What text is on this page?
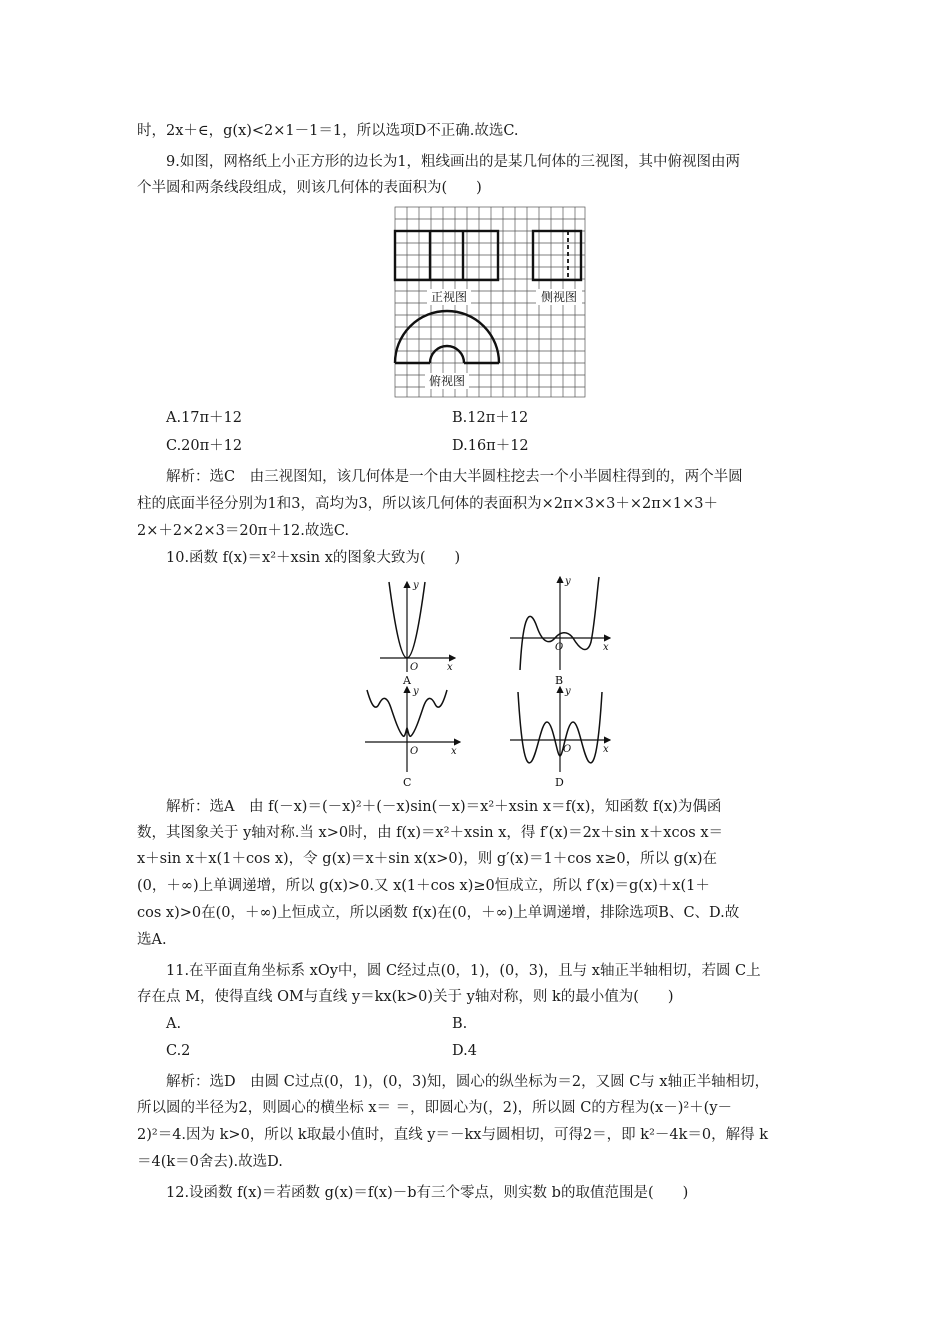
时，2x＋∈，g(x)<2×1－1＝1，所以选项D不正确.故选C.
9.如图，网格纸上小正方形的边长为1，粗线画出的是某几何体的三视图，其中俯视图由两
个半圆和两条线段组成，则该几何体的表面积为(　　)
正视图	侧视图
俯视图
A.17π＋12	B.12π＋12
C.20π＋12	D.16π＋12
解析：选C　由三视图知，该几何体是一个由大半圆柱挖去一个小半圆柱得到的，两个半圆
柱的底面半径分别为1和3，高均为3，所以该几何体的表面积为×2π×3×3＋×2π×1×3＋
2×＋2×2×3＝20π＋12.故选C.
10.函数 f(x)＝x²＋xsin x的图象大致为(　　)
y
x
O
A
y
x
O
B
y
x
O
C
y
x
O
D
解析：选A　由 f(－x)＝(－x)²＋(－x)sin(－x)＝x²＋xsin x＝f(x)，知函数 f(x)为偶函
数，其图象关于 y轴对称.当 x>0时，由 f(x)＝x²＋xsin x，得 f′(x)＝2x＋sin x＋xcos x＝
x＋sin x＋x(1＋cos x)，令 g(x)＝x＋sin x(x>0)，则 g′(x)＝1＋cos x≥0，所以 g(x)在
(0，＋∞)上单调递增，所以 g(x)>0.又 x(1＋cos x)≥0恒成立，所以 f′(x)＝g(x)＋x(1＋
cos x)>0在(0，＋∞)上恒成立，所以函数 f(x)在(0，＋∞)上单调递增，排除选项B、C、D.故
选A.
11.在平面直角坐标系 xOy中，圆 C经过点(0，1)，(0，3)，且与 x轴正半轴相切，若圆 C上
存在点 M，使得直线 OM与直线 y＝kx(k>0)关于 y轴对称，则 k的最小值为(　　)
A.	B.
C.2	D.4
解析：选D　由圆 C过点(0，1)，(0，3)知，圆心的纵坐标为＝2，又圆 C与 x轴正半轴相切，
所以圆的半径为2，则圆心的横坐标 x＝ ＝，即圆心为(，2)，所以圆 C的方程为(x－)²＋(y－
2)²＝4.因为 k>0，所以 k取最小值时，直线 y＝－kx与圆相切，可得2＝，即 k²－4k＝0，解得 k
＝4(k＝0舍去).故选D.
12.设函数 f(x)＝若函数 g(x)＝f(x)－b有三个零点，则实数 b的取值范围是(　　)
